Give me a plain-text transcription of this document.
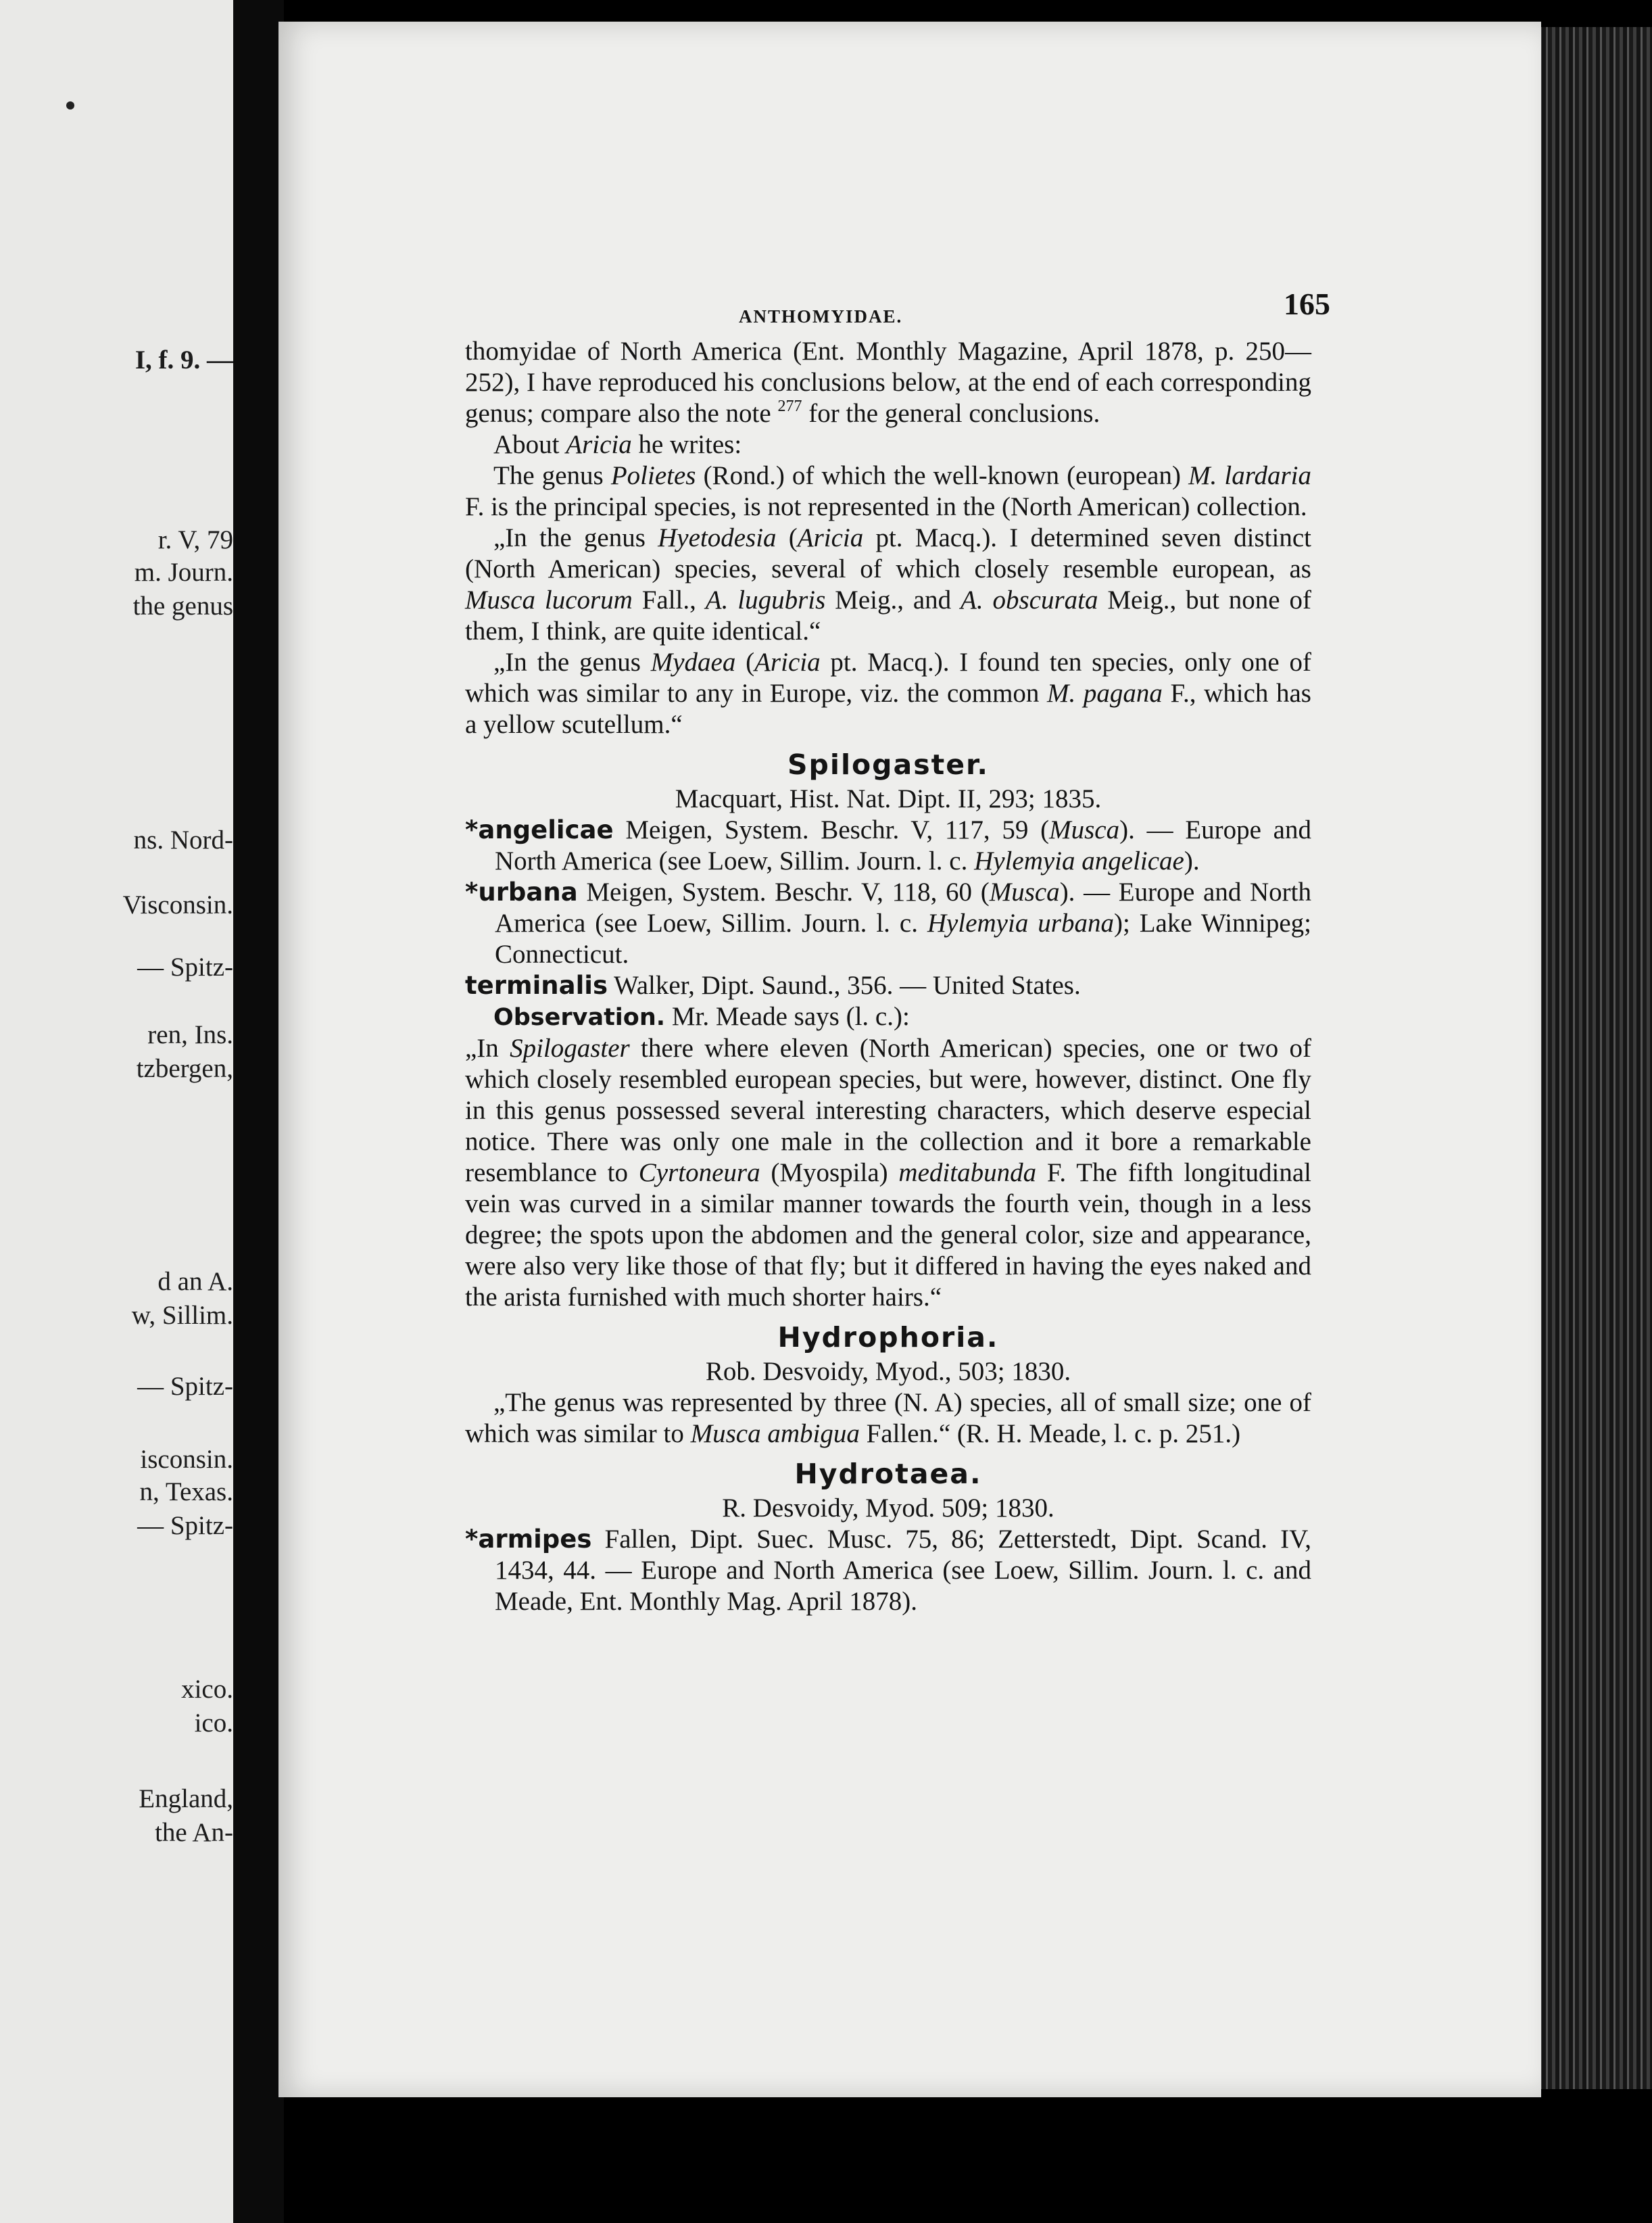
I, f. 9. —
r. V, 79
m. Journ.
the genus
ns. Nord-
Visconsin.
— Spitz-
ren, Ins.
tzbergen,
d an A.
w, Sillim.
— Spitz-
isconsin.
n, Texas.
— Spitz-
xico.
ico.
England,
the An-
ANTHOMYIDAE.	165

thomyidae of North America (Ent. Monthly Magazine, April 1878, p. 250—252), I have reproduced his conclusions below, at the end of each corresponding genus; compare also the note $^{277}$ for the general conclusions.

About Aricia he writes:

The genus Polietes (Rond.) of which the well-known (european) M. lardaria F. is the principal species, is not represented in the (North American) collection.

„In the genus Hyetodesia (Aricia pt. Macq.). I determined seven distinct (North American) species, several of which closely resemble european, as Musca lucorum Fall., A. lugubris Meig., and A. obscurata Meig., but none of them, I think, are quite identical.“

„In the genus Mydaea (Aricia pt. Macq.). I found ten species, only one of which was similar to any in Europe, viz. the common M. pagana F., which has a yellow scutellum.“

Spilogaster.
Macquart, Hist. Nat. Dipt. II, 293; 1835.

*angelicae Meigen, System. Beschr. V, 117, 59 (Musca). — Europe and North America (see Loew, Sillim. Journ. l. c. Hylemyia angelicae).

*urbana Meigen, System. Beschr. V, 118, 60 (Musca). — Europe and North America (see Loew, Sillim. Journ. l. c. Hylemyia urbana); Lake Winnipeg; Connecticut.

terminalis Walker, Dipt. Saund., 356. — United States.

Observation. Mr. Meade says (l. c.):

„In Spilogaster there where eleven (North American) species, one or two of which closely resembled european species, but were, however, distinct. One fly in this genus possessed several interesting characters, which deserve especial notice. There was only one male in the collection and it bore a remarkable resemblance to Cyrtoneura (Myospila) meditabunda F. The fifth longitudinal vein was curved in a similar manner towards the fourth vein, though in a less degree; the spots upon the abdomen and the general color, size and appearance, were also very like those of that fly; but it differed in having the eyes naked and the arista furnished with much shorter hairs.“

Hydrophoria.
Rob. Desvoidy, Myod., 503; 1830.

„The genus was represented by three (N. A) species, all of small size; one of which was similar to Musca ambigua Fallen.“ (R. H. Meade, l. c. p. 251.)

Hydrotaea.
R. Desvoidy, Myod. 509; 1830.

*armipes Fallen, Dipt. Suec. Musc. 75, 86; Zetterstedt, Dipt. Scand. IV, 1434, 44. — Europe and North America (see Loew, Sillim. Journ. l. c. and Meade, Ent. Monthly Mag. April 1878).
